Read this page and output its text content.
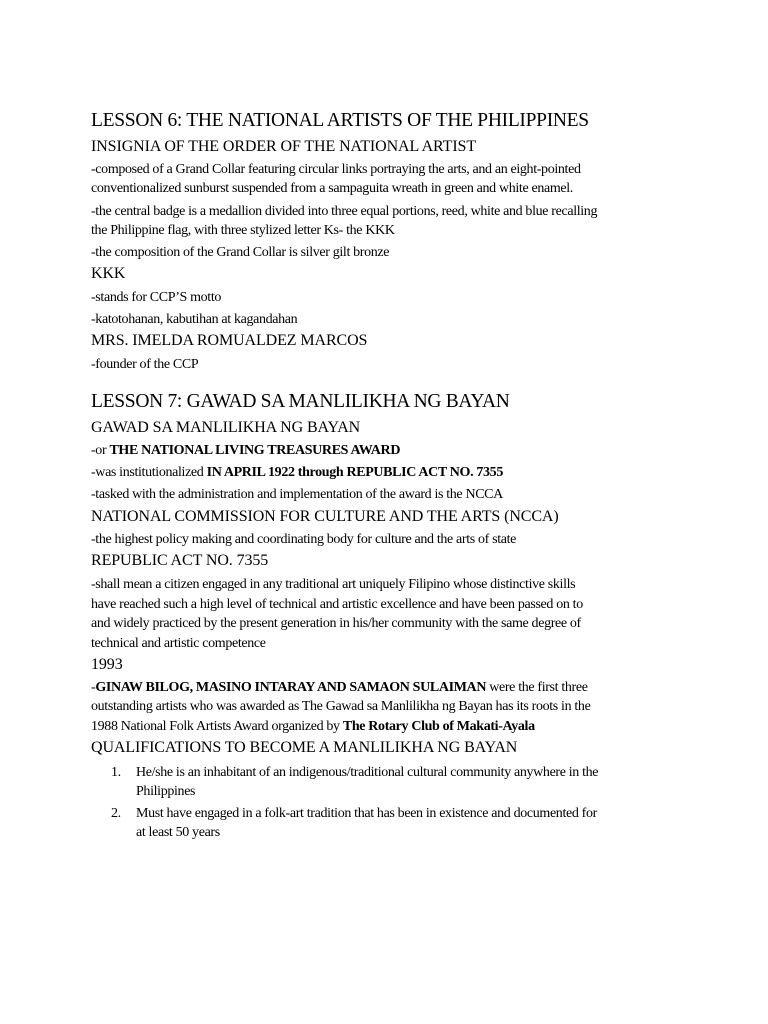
LESSON 6: THE NATIONAL ARTISTS OF THE PHILIPPINES
INSIGNIA OF THE ORDER OF THE NATIONAL ARTIST
-composed of a Grand Collar featuring circular links portraying the arts, and an eight-pointed
conventionalized sunburst suspended from a sampaguita wreath in green and white enamel.
-the central badge is a medallion divided into three equal portions, reed, white and blue recalling
the Philippine flag, with three stylized letter Ks- the KKK
-the composition of the Grand Collar is silver gilt bronze
KKK
-stands for CCP’S motto
-katotohanan, kabutihan at kagandahan
MRS. IMELDA ROMUALDEZ MARCOS
-founder of the CCP
LESSON 7: GAWAD SA MANLILIKHA NG BAYAN
GAWAD SA MANLILIKHA NG BAYAN
-or THE NATIONAL LIVING TREASURES AWARD
-was institutionalized IN APRIL 1922 through REPUBLIC ACT NO. 7355
-tasked with the administration and implementation of the award is the NCCA
NATIONAL COMMISSION FOR CULTURE AND THE ARTS (NCCA)
-the highest policy making and coordinating body for culture and the arts of state
REPUBLIC ACT NO. 7355
-shall mean a citizen engaged in any traditional art uniquely Filipino whose distinctive skills
have reached such a high level of technical and artistic excellence and have been passed on to
and widely practiced by the present generation in his/her community with the same degree of
technical and artistic competence
1993
-GINAW BILOG, MASINO INTARAY AND SAMAON SULAIMAN were the first three
outstanding artists who was awarded as The Gawad sa Manlilikha ng Bayan has its roots in the
1988 National Folk Artists Award organized by The Rotary Club of Makati-Ayala
QUALIFICATIONS TO BECOME A MANLILIKHA NG BAYAN
1. He/she is an inhabitant of an indigenous/traditional cultural community anywhere in the
Philippines
2. Must have engaged in a folk-art tradition that has been in existence and documented for
at least 50 years
